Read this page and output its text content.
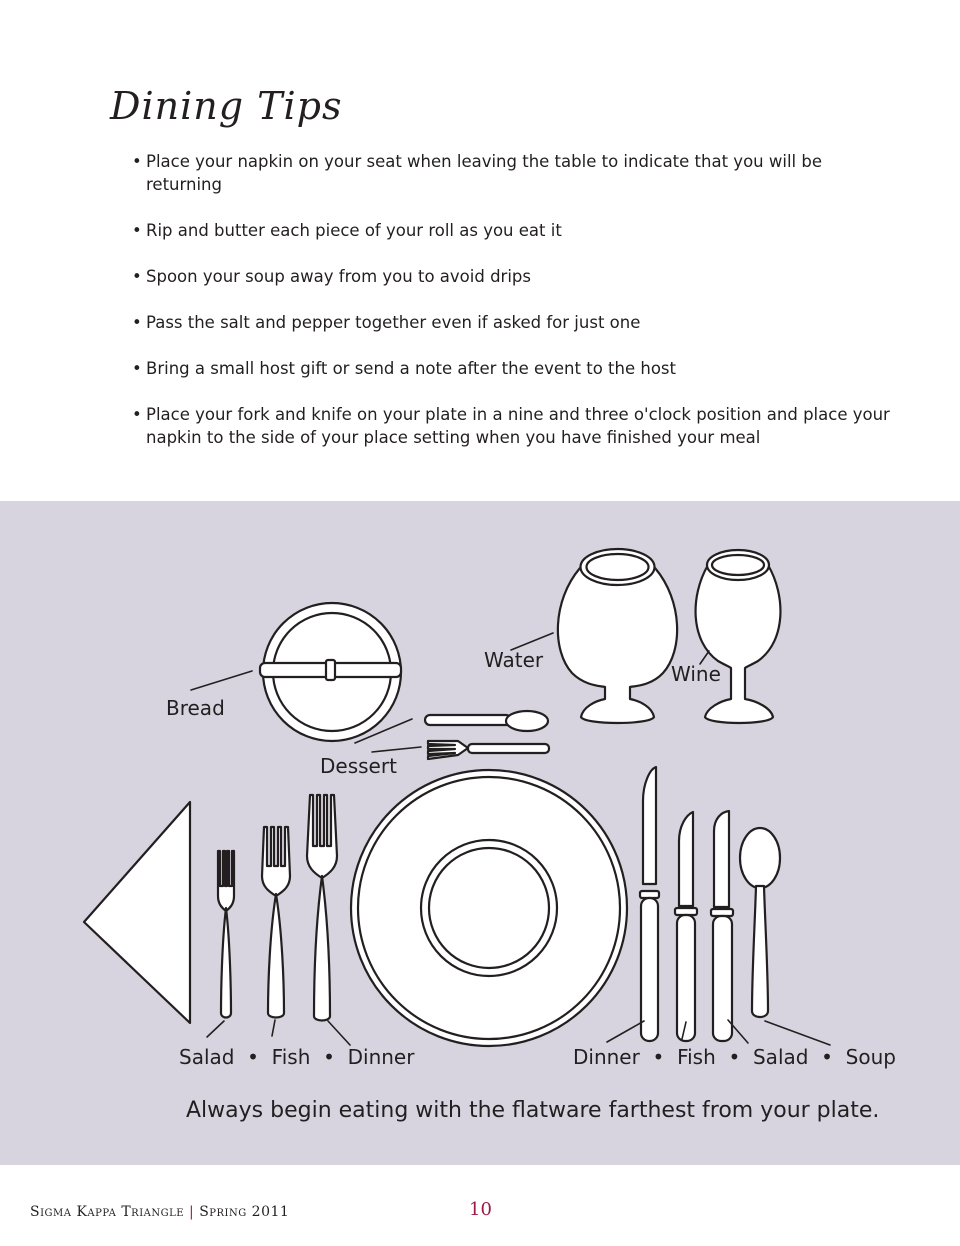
Dining Tips
• Place your napkin on your seat when leaving the table to indicate that you will be returning
• Rip and butter each piece of your roll as you eat it
• Spoon your soup away from you to avoid drips
• Pass the salt and pepper together even if asked for just one
• Bring a small host gift or send a note after the event to the host
• Place your fork and knife on your plate in a nine and three o'clock position and place your napkin to the side of your place setting when you have finished your meal
Bread
Water
Wine
Dessert
Salad  •  Fish  •  Dinner	Dinner  •  Fish  •  Salad  •  Soup
Always begin eating with the flatware farthest from your plate.
Sigma Kappa Triangle | Spring 2011	10
